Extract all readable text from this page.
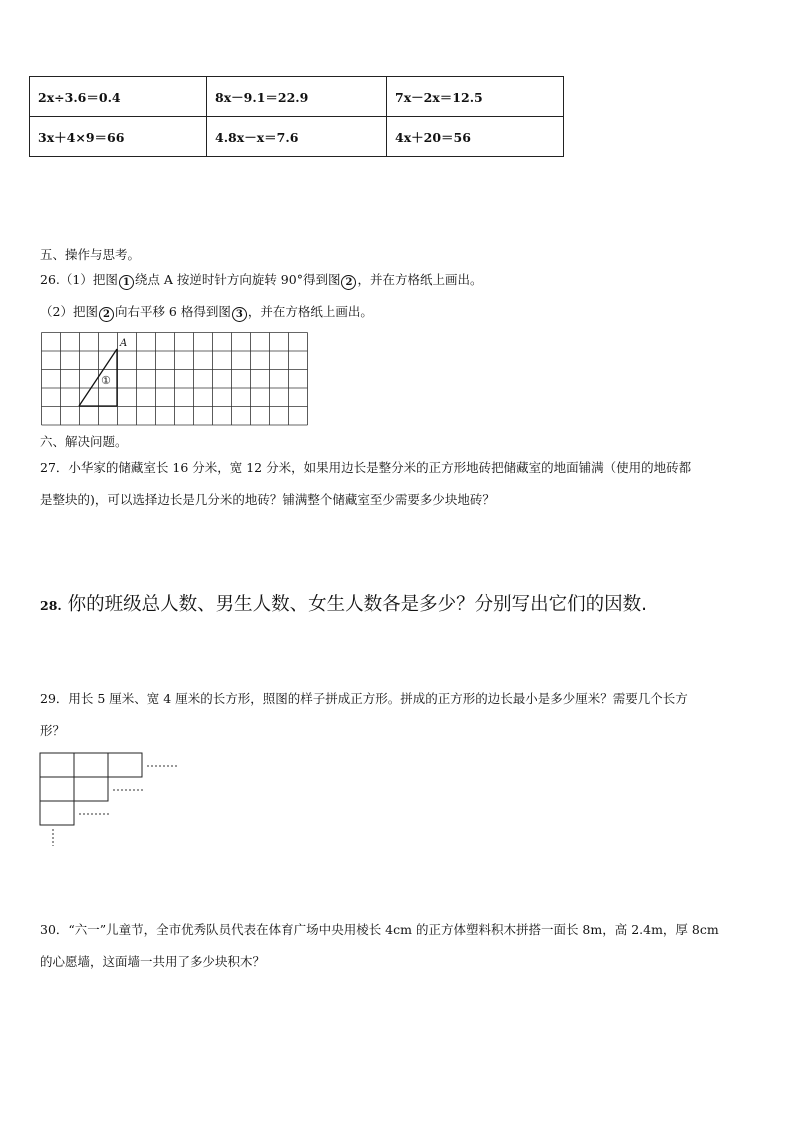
2x÷3.6＝0.4	8x－9.1＝22.9	7x－2x＝12.5
3x＋4×9＝66	4.8x－x＝7.6	4x＋20＝56
五、操作与思考。
26.（1）把图 1 绕点 A 按逆时针方向旋转 90°得到图 2 ，并在方格纸上画出。
（2）把图 2 向右平移 6 格得到图 3 ，并在方格纸上画出。
A
①
六、解决问题。
27．小华家的储藏室长 16 分米，宽 12 分米，如果用边长是整分米的正方形地砖把储藏室的地面铺满（使用的地砖都
是整块的)，可以选择边长是几分米的地砖？铺满整个储藏室至少需要多少块地砖？
28. 你的班级总人数、男生人数、女生人数各是多少？分别写出它们的因数.
29．用长 5 厘米、宽 4 厘米的长方形，照图的样子拼成正方形。拼成的正方形的边长最小是多少厘米？需要几个长方
形？
30．“六一”儿童节，全市优秀队员代表在体育广场中央用棱长 4cm 的正方体塑料积木拼搭一面长 8m，高 2.4m，厚 8cm
的心愿墙，这面墙一共用了多少块积木？
